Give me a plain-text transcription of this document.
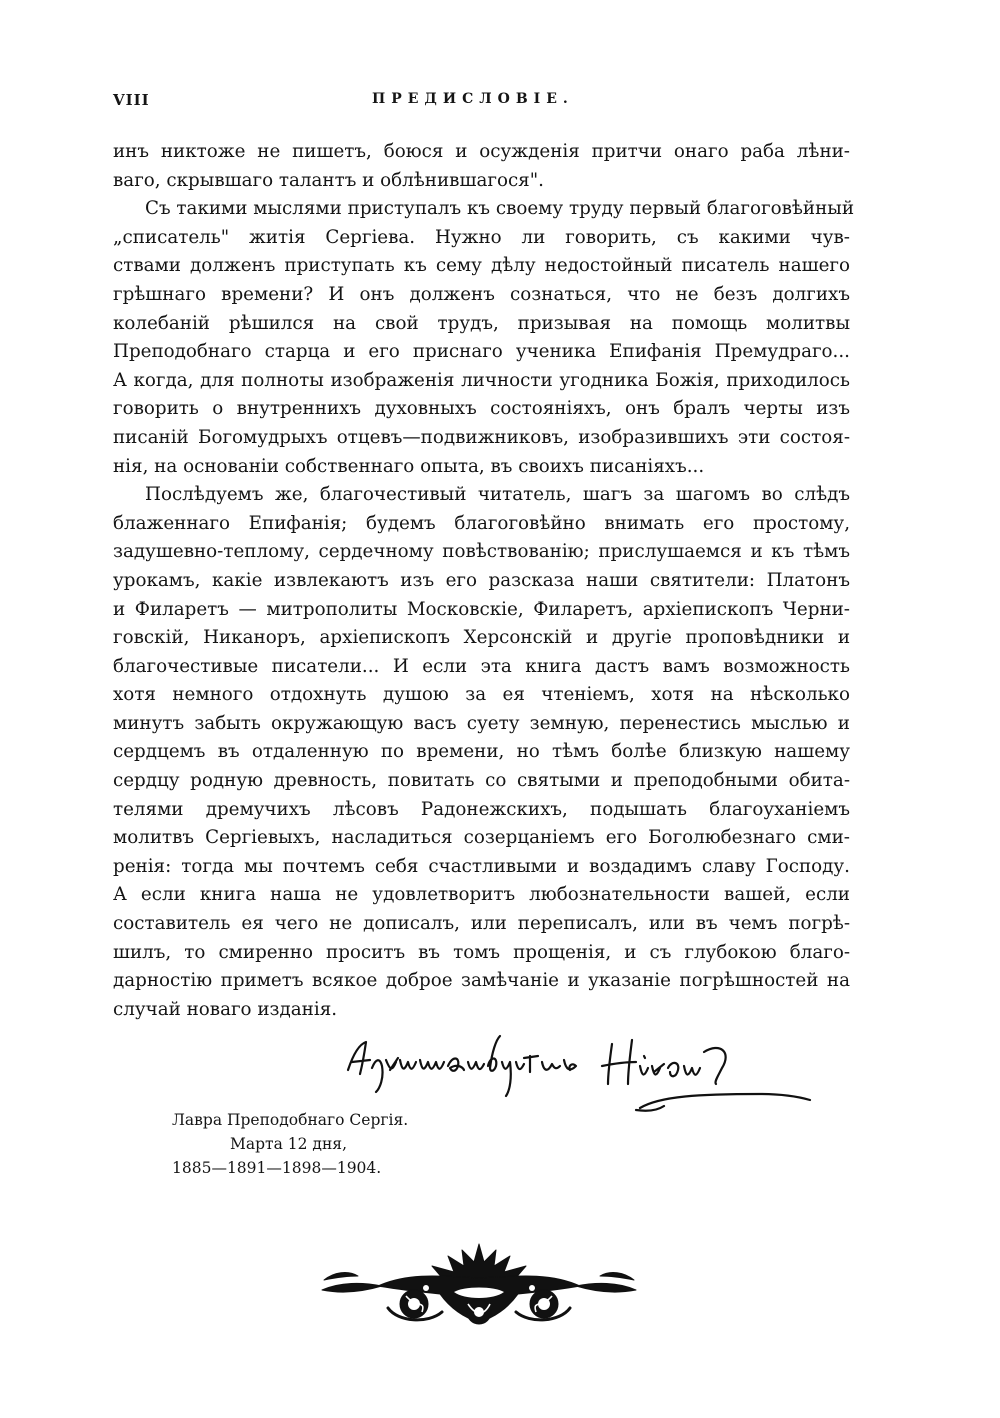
VIII	ПРЕДИСЛОВІЕ.
инъ никтоже не пишетъ, боюся и осужденія притчи онаго раба лѣни-
ваго, скрывшаго талантъ и облѣнившагося".
Съ такими мыслями приступалъ къ своему труду первый благоговѣйный
„списатель" житія Сергіева. Нужно ли говорить, съ какими чув-
ствами долженъ приступать къ сему дѣлу недостойный писатель нашего
грѣшнаго времени? И онъ долженъ сознаться, что не безъ долгихъ
колебаній рѣшился на свой трудъ, призывая на помощь молитвы
Преподобнаго старца и его приснаго ученика Епифанія Премудраго...
А когда, для полноты изображенія личности угодника Божія, приходилось
говорить о внутреннихъ духовныхъ состояніяхъ, онъ бралъ черты изъ
писаній Богомудрыхъ отцевъ—подвижниковъ, изобразившихъ эти состоя-
нія, на основаніи собственнаго опыта, въ своихъ писаніяхъ...
Послѣдуемъ же, благочестивый читатель, шагъ за шагомъ во слѣдъ
блаженнаго Епифанія; будемъ благоговѣйно внимать его простому,
задушевно-теплому, сердечному повѣствованію; прислушаемся и къ тѣмъ
урокамъ, какіе извлекаютъ изъ его разсказа наши святители: Платонъ
и Филаретъ — митрополиты Московскіе, Филаретъ, архіепископъ Черни-
говскій, Никаноръ, архіепископъ Херсонскій и другіе проповѣдники и
благочестивые писатели... И если эта книга дастъ вамъ возможность
хотя немного отдохнуть душою за ея чтеніемъ, хотя на нѣсколько
минутъ забыть окружающую васъ суету земную, перенестись мыслью и
сердцемъ въ отдаленную по времени, но тѣмъ болѣе близкую нашему
сердцу родную древность, повитать со святыми и преподобными обита-
телями дремучихъ лѣсовъ Радонежскихъ, подышать благоуханіемъ
молитвъ Сергіевыхъ, насладиться созерцаніемъ его Боголюбезнаго сми-
ренія: тогда мы почтемъ себя счастливыми и воздадимъ славу Господу.
А если книга наша не удовлетворитъ любознательности вашей, если
составитель ея чего не дописалъ, или переписалъ, или въ чемъ погрѣ-
шилъ, то смиренно проситъ въ томъ прощенія, и съ глубокою благо-
дарностію приметъ всякое доброе замѣчаніе и указаніе погрѣшностей на
случай новаго изданія.
Лавра Преподобнаго Сергія.
Марта 12 дня,
1885—1891—1898—1904.
